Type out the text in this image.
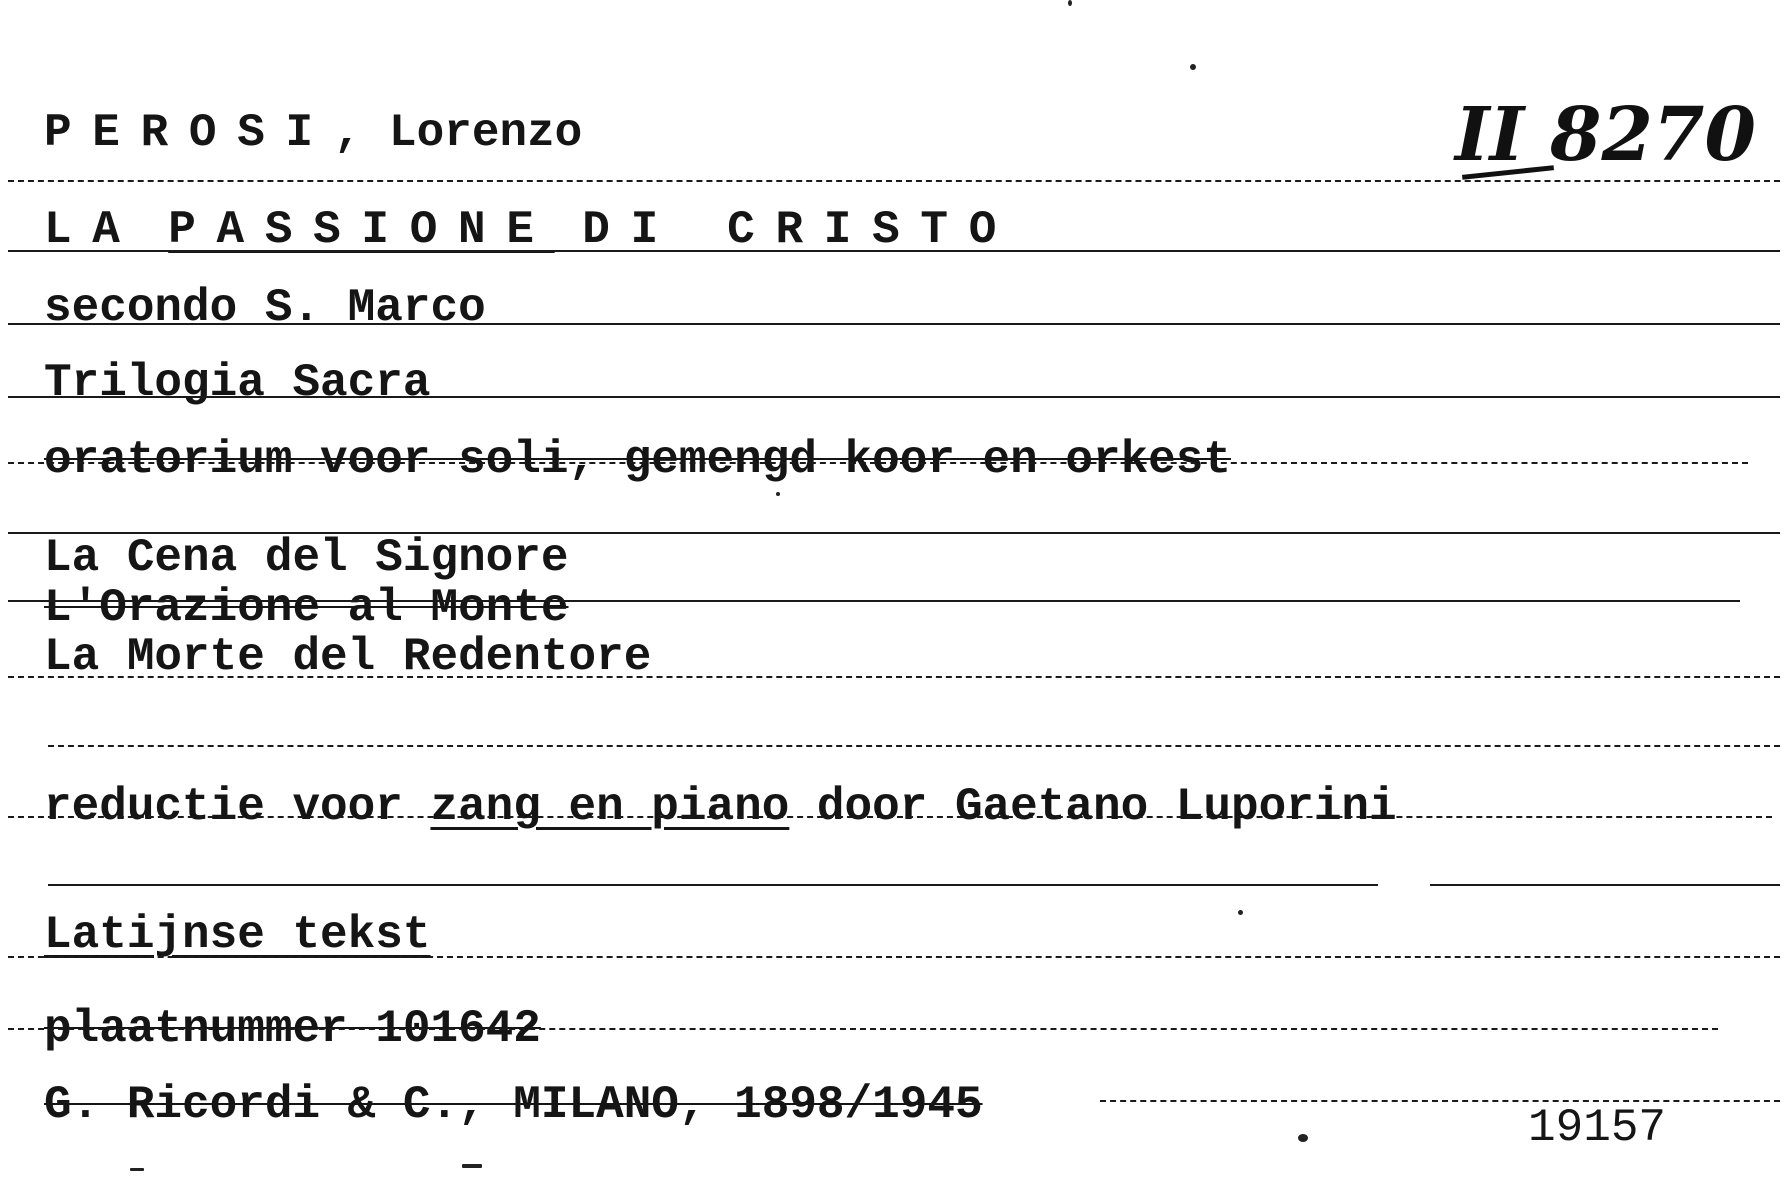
PEROSI, Lorenzo	II 8270
LA PASSIONE DI CRISTO
secondo S. Marco
Trilogia Sacra
oratorium voor soli, gemengd koor en orkest
La Cena del Signore
L'Orazione al Monte
La Morte del Redentore
reductie voor zang en piano door Gaetano Luporini
Latijnse tekst
plaatnummer 101642
G. Ricordi & C., MILANO, 1898/1945	19157
